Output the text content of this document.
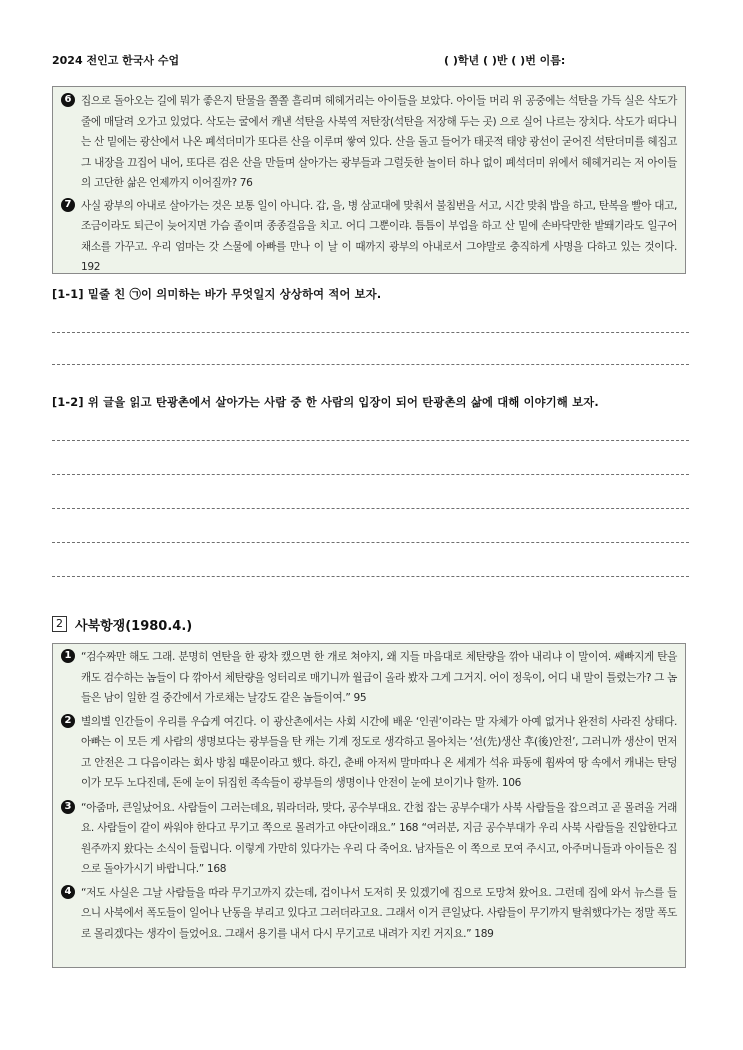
2024 전인고 한국사 수업	( )학년 ( )반 ( )번 이름:
6 집으로 돌아오는 길에 뭐가 좋은지 탄물을 쫄쫄 흘리며 헤헤거리는 아이들을 보았다. 아이들 머리 위 공중에는 석탄을 가득 실은 삭도가 줄에 매달려 오가고 있었다. 삭도는 굴에서 캐낸 석탄을 사북역 저탄장(석탄을 저장해 두는 곳) 으로 실어 나르는 장치다. 삭도가 떠다니는 산 밑에는 광산에서 나온 폐석더미가 또다른 산을 이루며 쌓여 있다. 산을 돌고 들어가 태곳적 태양 광선이 굳어진 석탄더미를 헤집고 그 내장을 끄집어 내어, 또다른 검은 산을 만들며 살아가는 광부들과 그럴듯한 놀이터 하나 없이 폐석더미 위에서 헤헤거리는 저 아이들의 고단한 삶은 언제까지 이어질까? 76
7 사실 광부의 아내로 살아가는 것은 보통 일이 아니다. 갑, 을, 병 삼교대에 맞춰서 불침번을 서고, 시간 맞춰 밥을 하고, 탄복을 빨아 대고, 조금이라도 퇴근이 늦어지면 가슴 졸이며 종종걸음을 치고. 어디 그뿐이랴. 틈틈이 부업을 하고 산 밑에 손바닥만한 밭뙈기라도 일구어 채소를 가꾸고. 우리 엄마는 갓 스물에 아빠를 만나 이 날 이 때까지 광부의 아내로서 그야말로 충직하게 사명을 다하고 있는 것이다. 192
[1-1] 밑줄 친 ㉠이 의미하는 바가 무엇일지 상상하여 적어 보자.
[1-2] 위 글을 읽고 탄광촌에서 살아가는 사람 중 한 사람의 입장이 되어 탄광촌의 삶에 대해 이야기해 보자.
2 사북항쟁(1980.4.)
1 “검수짜만 해도 그래. 분명히 연탄을 한 광차 캤으면 한 개로 쳐야지, 왜 지들 마음대로 체탄량을 깎아 내리냐 이 말이여. 쌔빠지게 탄을 캐도 검수하는 놈들이 다 깎아서 체탄량을 엉터리로 매기니까 월급이 올라 봤자 그게 그거지. 어이 정욱이, 어디 내 말이 틀렸는가? 그 놈들은 남이 일한 걸 중간에서 가로채는 날강도 같은 놈들이여.” 95
2 별의별 인간들이 우리를 우습게 여긴다. 이 광산촌에서는 사회 시간에 배운 ‘인권’이라는 말 자체가 아예 없거나 완전히 사라진 상태다. 아빠는 이 모든 게 사람의 생명보다는 광부들을 탄 캐는 기계 정도로 생각하고 몰아치는 ‘선(先)생산 후(後)안전’, 그러니까 생산이 먼저고 안전은 그 다음이라는 회사 방침 때문이라고 했다. 하긴, 춘배 아저씨 말마따나 온 세계가 석유 파동에 휩싸여 땅 속에서 캐내는 탄덩이가 모두 노다진데, 돈에 눈이 뒤집힌 족속들이 광부들의 생명이나 안전이 눈에 보이기나 할까. 106
3 “아줌마, 큰일났어요. 사람들이 그러는데요, 뭐라더라, 맞다, 공수부대요. 간첩 잡는 공부수대가 사북 사람들을 잡으려고 곧 몰려올 거래요. 사람들이 같이 싸워야 한다고 무기고 쪽으로 몰려가고 야단이래요.” 168 “여러분, 지금 공수부대가 우리 사북 사람들을 진압한다고 원주까지 왔다는 소식이 들립니다. 이렇게 가만히 있다가는 우리 다 죽어요. 남자들은 이 쪽으로 모여 주시고, 아주머니들과 아이들은 집으로 돌아가시기 바랍니다.” 168
4 “저도 사실은 그날 사람들을 따라 무기고까지 갔는데, 겁이나서 도저히 못 있겠기에 집으로 도망쳐 왔어요. 그런데 집에 와서 뉴스를 들으니 사북에서 폭도들이 일어나 난동을 부리고 있다고 그러더라고요. 그래서 이거 큰일났다. 사람들이 무기까지 탈취했다가는 정말 폭도로 몰리겠다는 생각이 들었어요. 그래서 용기를 내서 다시 무기고로 내려가 지킨 거지요.” 189
